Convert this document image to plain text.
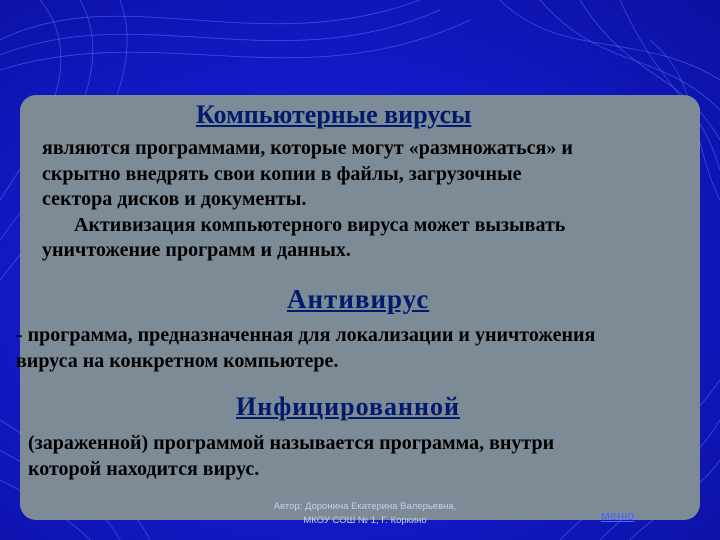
Компьютерные вирусы
являются программами, которые могут «размножаться» и
скрытно внедрять свои копии в файлы, загрузочные
сектора дисков и документы.
Активизация компьютерного вируса может вызывать
уничтожение программ и данных.
Антивирус
- программа, предназначенная для локализации и уничтожения
вируса на конкретном компьютере.
Инфицированной
(зараженной) программой называется программа, внутри
которой находится вирус.
Автор: Доронина Екатерина Валерьевна,
МКОУ СОШ № 1, Г. Коркино	меню
